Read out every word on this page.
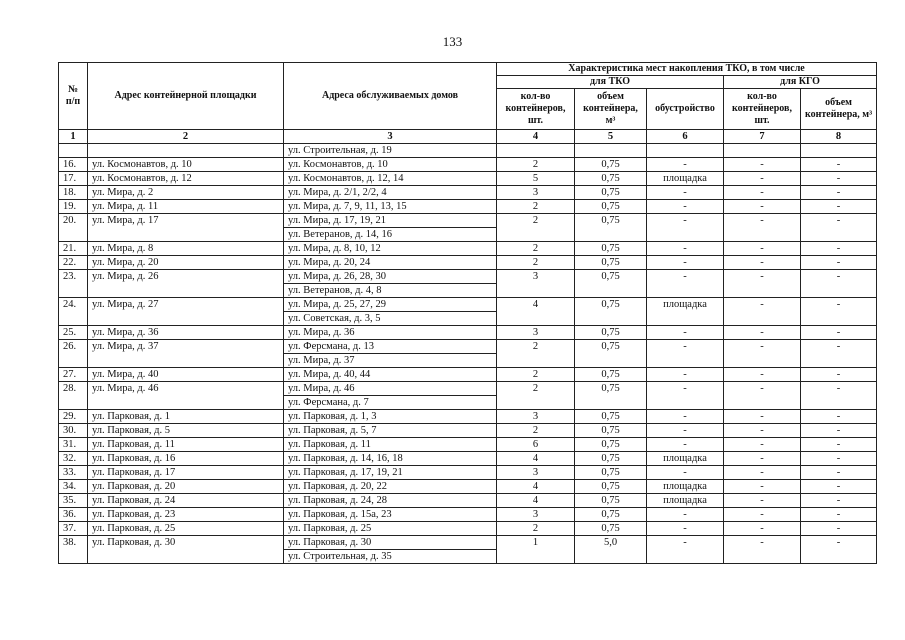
133
№ п/п	Адрес контейнерной площадки	Адреса обслуживаемых домов	Характеристика мест накопления ТКО, в том числе				
			для ТКО			для КГО	
			кол-во контейнеров, шт.	объем контейнера, м³	обустройство	кол-во контейнеров, шт.	объем контейнера, м³
1	2	3	4	5	6	7	8
		ул. Строительная, д. 19					
16.	ул. Космонавтов, д. 10	ул. Космонавтов, д. 10	2	0,75	-	-	-
17.	ул. Космонавтов, д. 12	ул. Космонавтов, д. 12, 14	5	0,75	площадка	-	-
18.	ул. Мира, д. 2	ул. Мира, д. 2/1, 2/2, 4	3	0,75	-	-	-
19.	ул. Мира, д. 11	ул. Мира, д. 7, 9, 11, 13, 15	2	0,75	-	-	-
20.	ул. Мира, д. 17	ул. Мира, д. 17, 19, 21	2	0,75	-	-	-
		ул. Ветеранов, д. 14, 16					
21.	ул. Мира, д. 8	ул. Мира, д. 8, 10, 12	2	0,75	-	-	-
22.	ул. Мира, д. 20	ул. Мира, д. 20, 24	2	0,75	-	-	-
23.	ул. Мира, д. 26	ул. Мира, д. 26, 28, 30	3	0,75	-	-	-
		ул. Ветеранов, д. 4, 8					
24.	ул. Мира, д. 27	ул. Мира, д. 25, 27, 29	4	0,75	площадка	-	-
		ул. Советская, д. 3, 5					
25.	ул. Мира, д. 36	ул. Мира, д. 36	3	0,75	-	-	-
26.	ул. Мира, д. 37	ул. Ферсмана, д. 13	2	0,75	-	-	-
		ул. Мира, д. 37					
27.	ул. Мира, д. 40	ул. Мира, д. 40, 44	2	0,75	-	-	-
28.	ул. Мира, д. 46	ул. Мира, д. 46	2	0,75	-	-	-
		ул. Ферсмана, д. 7					
29.	ул. Парковая, д. 1	ул. Парковая, д. 1, 3	3	0,75	-	-	-
30.	ул. Парковая, д. 5	ул. Парковая, д. 5, 7	2	0,75	-	-	-
31.	ул. Парковая, д. 11	ул. Парковая, д. 11	6	0,75	-	-	-
32.	ул. Парковая, д. 16	ул. Парковая, д. 14, 16, 18	4	0,75	площадка	-	-
33.	ул. Парковая, д. 17	ул. Парковая, д. 17, 19, 21	3	0,75	-	-	-
34.	ул. Парковая, д. 20	ул. Парковая, д. 20, 22	4	0,75	площадка	-	-
35.	ул. Парковая, д. 24	ул. Парковая, д. 24, 28	4	0,75	площадка	-	-
36.	ул. Парковая, д. 23	ул. Парковая, д. 15а, 23	3	0,75	-	-	-
37.	ул. Парковая, д. 25	ул. Парковая, д. 25	2	0,75	-	-	-
38.	ул. Парковая, д. 30	ул. Парковая, д. 30	1	5,0	-	-	-
		ул. Строительная, д. 35					
